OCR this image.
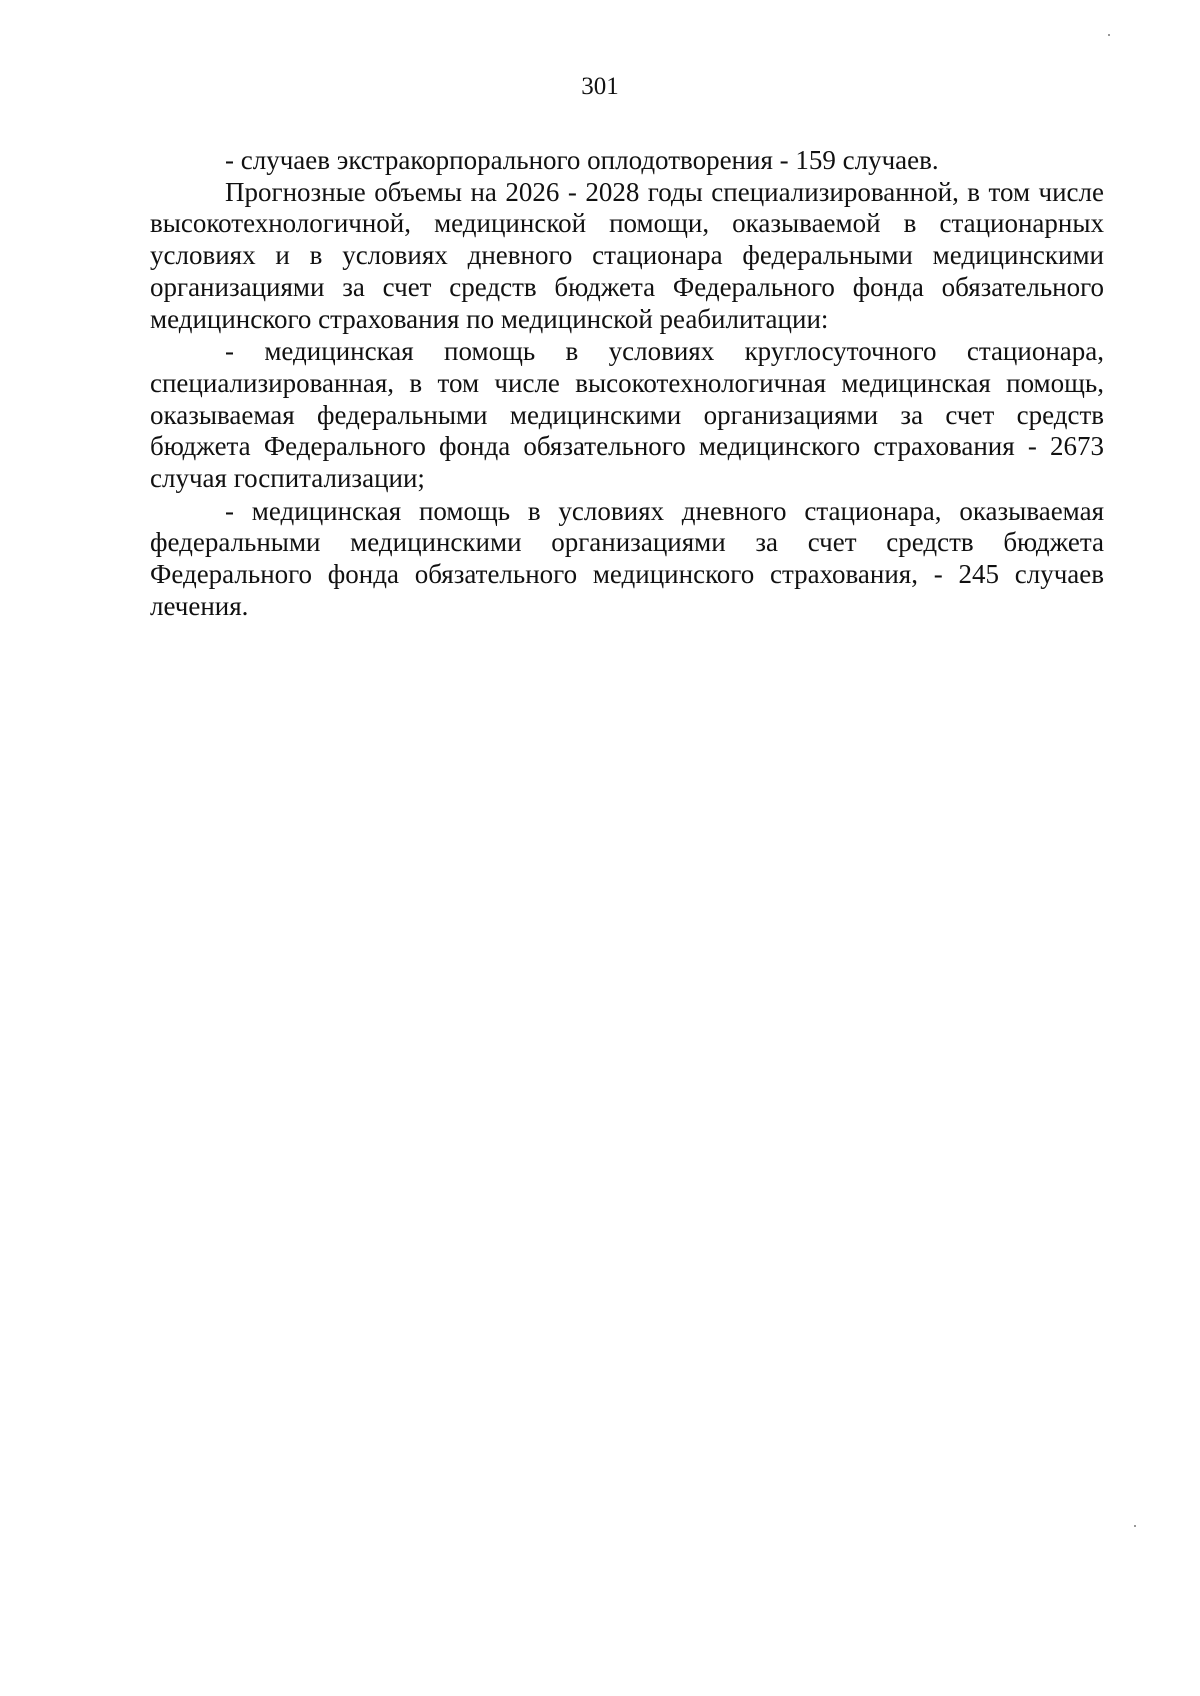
301

- случаев экстракорпорального оплодотворения - 159 случаев.

Прогнозные объемы на 2026 - 2028 годы специализированной, в том числе высокотехнологичной, медицинской помощи, оказываемой в стационарных условиях и в условиях дневного стационара федеральными медицинскими организациями за счет средств бюджета Федерального фонда обязательного медицинского страхования по медицинской реабилитации:

- медицинская помощь в условиях круглосуточного стационара, специализированная, в том числе высокотехнологичная медицинская помощь, оказываемая федеральными медицинскими организациями за счет средств бюджета Федерального фонда обязательного медицинского страхования - 2673 случая госпитализации;

- медицинская помощь в условиях дневного стационара, оказываемая федеральными медицинскими организациями за счет средств бюджета Федерального фонда обязательного медицинского страхования, - 245 случаев лечения.
